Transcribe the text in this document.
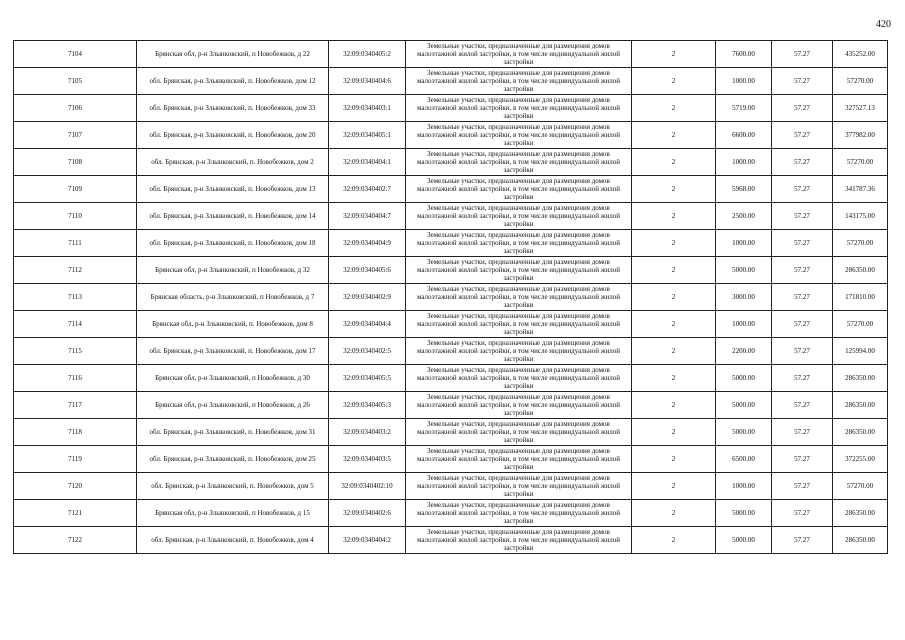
420
7104	Брянская обл, р-н Злынковский, п Новобежков, д 22	32:09:0340405:2	Земельные участки, предназначенные для размещения домов малоэтажной жилой застройки, в том числе индивидуальной жилой застройки	2	7600.00	57.27	435252.00
7105	обл. Брянская, р-н Злынковский, п. Новобежков, дом 12	32:09:0340404:6	Земельные участки, предназначенные для размещения домов малоэтажной жилой застройки, в том числе индивидуальной жилой застройки	2	1000.00	57.27	57270.00
7106	обл. Брянская, р-н Злынковский, п. Новобежков, дом 33	32:09:0340403:1	Земельные участки, предназначенные для размещения домов малоэтажной жилой застройки, в том числе индивидуальной жилой застройки	2	5719.00	57.27	327527.13
7107	обл. Брянская, р-н Злынковский, п. Новобежков, дом 20	32:09:0340405:1	Земельные участки, предназначенные для размещения домов малоэтажной жилой застройки, в том числе индивидуальной жилой застройки	2	6600.00	57.27	377982.00
7108	обл. Брянская, р-н Злынковский, п. Новобежков, дом 2	32:09:0340404:1	Земельные участки, предназначенные для размещения домов малоэтажной жилой застройки, в том числе индивидуальной жилой застройки	2	1000.00	57.27	57270.00
7109	обл. Брянская, р-н Злынковский, п. Новобежков, дом 13	32:09:0340402:7	Земельные участки, предназначенные для размещения домов малоэтажной жилой застройки, в том числе индивидуальной жилой застройки	2	5968.00	57.27	341787.36
7110	обл. Брянская, р-н Злынковский, п. Новобежков, дом 14	32:09:0340404:7	Земельные участки, предназначенные для размещения домов малоэтажной жилой застройки, в том числе индивидуальной жилой застройки	2	2500.00	57.27	143175.00
7111	обл. Брянская, р-н Злынковский, п. Новобежков, дом 18	32:09:0340404:9	Земельные участки, предназначенные для размещения домов малоэтажной жилой застройки, в том числе индивидуальной жилой застройки	2	1000.00	57.27	57270.00
7112	Брянская обл, р-н Злынковский, п Новобежков, д 32	32:09:0340405:6	Земельные участки, предназначенные для размещения домов малоэтажной жилой застройки, в том числе индивидуальной жилой застройки	2	5000.00	57.27	286350.00
7113	Брянская область, р-н Злынковский, п Новобежков, д 7	32:09:0340402:9	Земельные участки, предназначенные для размещения домов малоэтажной жилой застройки, в том числе индивидуальной жилой застройки	2	3000.00	57.27	171810.00
7114	Брянская обл, р-н Злынковский, п. Новобежков, дом 8	32:09:0340404:4	Земельные участки, предназначенные для размещения домов малоэтажной жилой застройки, в том числе индивидуальной жилой застройки	2	1000.00	57.27	57270.00
7115	обл. Брянская, р-н Злынковский, п. Новобежков, дом 17	32:09:0340402:5	Земельные участки, предназначенные для размещения домов малоэтажной жилой застройки, в том числе индивидуальной жилой застройки	2	2200.00	57.27	125994.00
7116	Брянская обл, р-н Злынковский, п Новобежков, д 30	32:09:0340405:5	Земельные участки, предназначенные для размещения домов малоэтажной жилой застройки, в том числе индивидуальной жилой застройки	2	5000.00	57.27	286350.00
7117	Брянская обл, р-н Злынковский, п Новобежков, д 26	32:09:0340405:3	Земельные участки, предназначенные для размещения домов малоэтажной жилой застройки, в том числе индивидуальной жилой застройки	2	5000.00	57.27	286350.00
7118	обл. Брянская, р-н Злынковский, п. Новобежков, дом 31	32:09:0340403:2	Земельные участки, предназначенные для размещения домов малоэтажной жилой застройки, в том числе индивидуальной жилой застройки	2	5000.00	57.27	286350.00
7119	обл. Брянская, р-н Злынковский, п. Новобежков, дом 25	32:09:0340403:5	Земельные участки, предназначенные для размещения домов малоэтажной жилой застройки, в том числе индивидуальной жилой застройки	2	6500.00	57.27	372255.00
7120	обл. Брянская, р-н Злынковский, п. Новобежков, дом 5	32:09:0340402:10	Земельные участки, предназначенные для размещения домов малоэтажной жилой застройки, в том числе индивидуальной жилой застройки	2	1000.00	57.27	57270.00
7121	Брянская обл, р-н Злынковский, п Новобежков, д 15	32:09:0340402:6	Земельные участки, предназначенные для размещения домов малоэтажной жилой застройки, в том числе индивидуальной жилой застройки	2	5000.00	57.27	286350.00
7122	обл. Брянская, р-н Злынковский, п. Новобежков, дом 4	32:09:0340404:2	Земельные участки, предназначенные для размещения домов малоэтажной жилой застройки, в том числе индивидуальной жилой застройки	2	5000.00	57.27	286350.00
